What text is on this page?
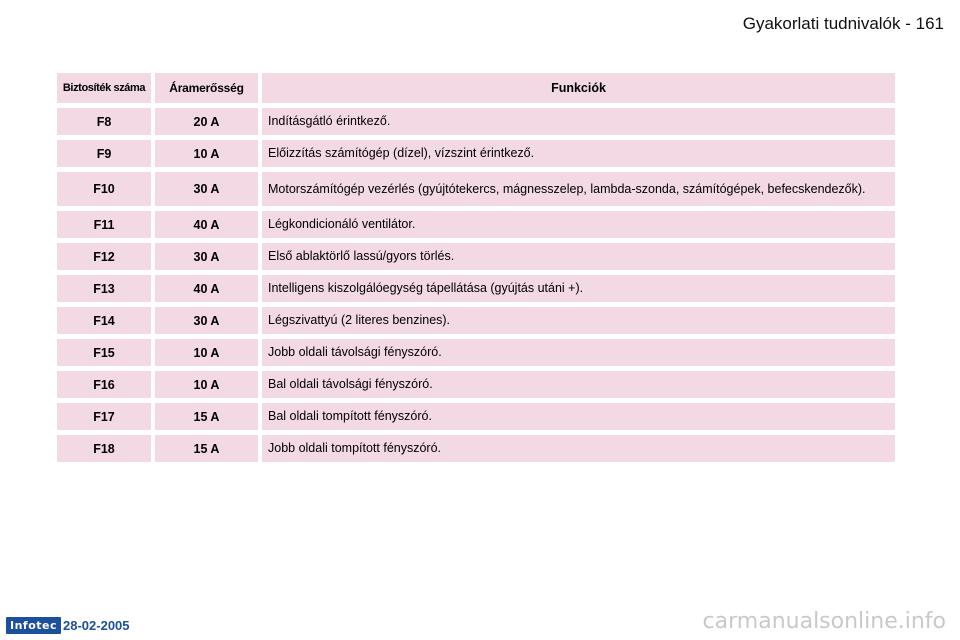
Gyakorlati tudnivalók - 161
Biztosíték száma	Áramerősség	Funkciók
F8	20 A	Indításgátló érintkező.
F9	10 A	Előizzítás számítógép (dízel), vízszint érintkező.
F10	30 A	Motorszámítógép vezérlés (gyújtótekercs, mágnesszelep, lambda-szonda, számítógépek, befecskendezők).
F11	40 A	Légkondicionáló ventilátor.
F12	30 A	Első ablaktörlő lassú/gyors törlés.
F13	40 A	Intelligens kiszolgálóegység tápellátása (gyújtás utáni +).
F14	30 A	Légszivattyú (2 literes benzines).
F15	10 A	Jobb oldali távolsági fényszóró.
F16	10 A	Bal oldali távolsági fényszóró.
F17	15 A	Bal oldali tompított fényszóró.
F18	15 A	Jobb oldali tompított fényszóró.
Infotec 28-02-2005	carmanualsonline.info
